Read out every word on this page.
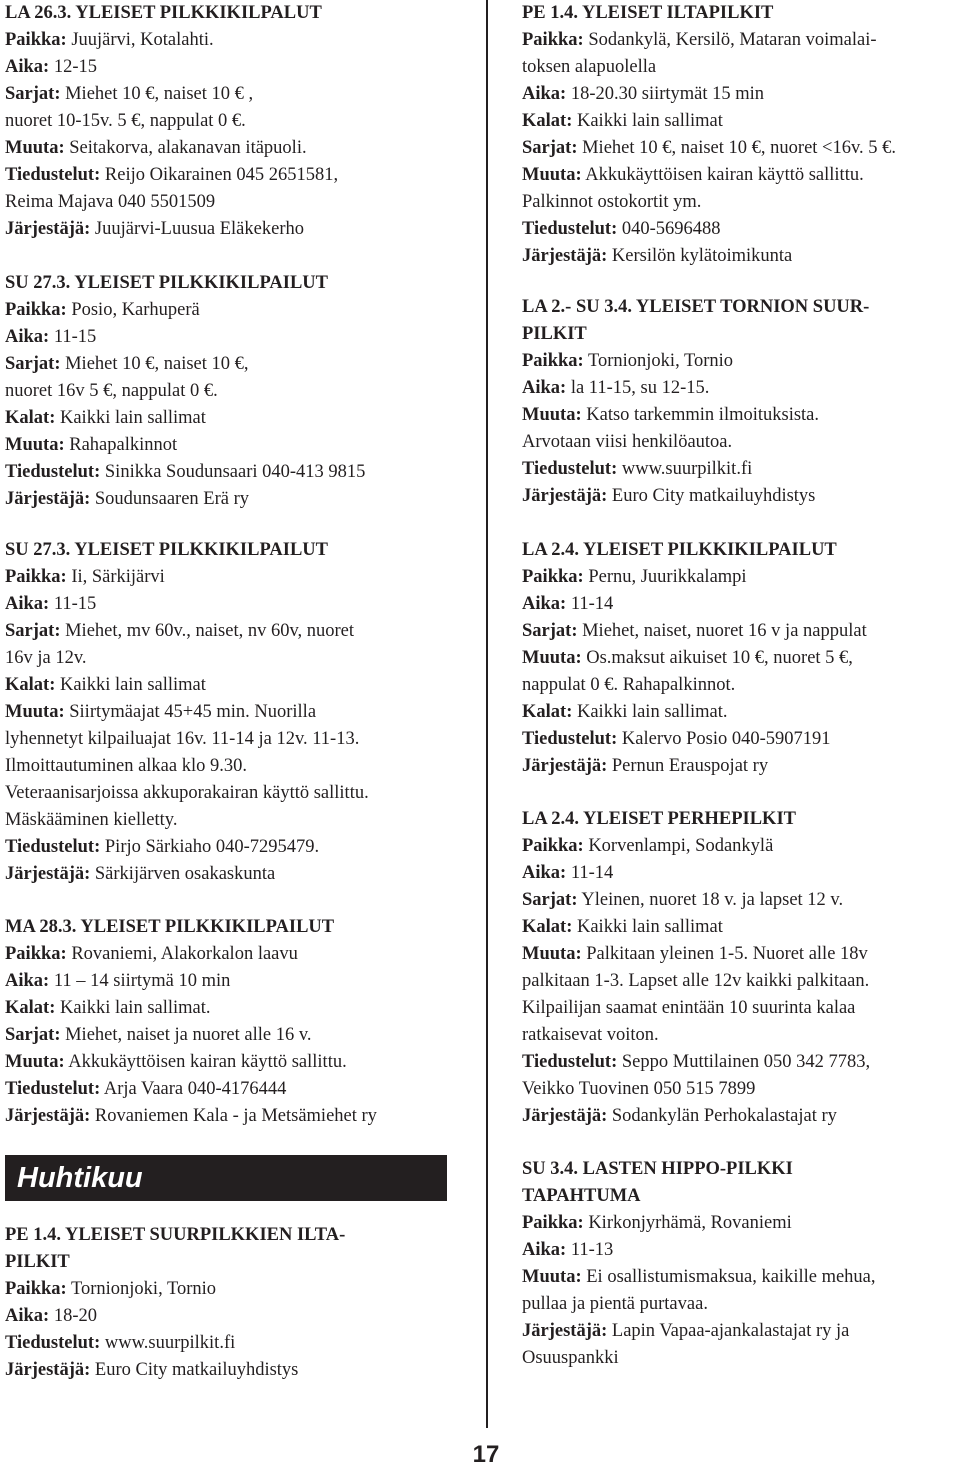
LA 26.3. YLEISET PILKKIKILPALUT
Paikka: Juujärvi, Kotalahti.
Aika: 12-15
Sarjat: Miehet 10 €, naiset 10 € ,
nuoret 10-15v. 5 €, nappulat 0 €.
Muuta: Seitakorva, alakanavan itäpuoli.
Tiedustelut: Reijo Oikarainen 045 2651581,
Reima Majava 040 5501509
Järjestäjä: Juujärvi-Luusua Eläkekerho
SU 27.3. YLEISET PILKKIKILPAILUT
Paikka: Posio, Karhuperä
Aika: 11-15
Sarjat: Miehet 10 €, naiset 10 €,
nuoret 16v 5 €, nappulat 0 €.
Kalat: Kaikki lain sallimat
Muuta: Rahapalkinnot
Tiedustelut: Sinikka Soudunsaari 040-413 9815
Järjestäjä: Soudunsaaren Erä ry
SU 27.3. YLEISET PILKKIKILPAILUT
Paikka: Ii, Särkijärvi
Aika: 11-15
Sarjat: Miehet, mv 60v., naiset, nv 60v, nuoret
16v ja 12v.
Kalat: Kaikki lain sallimat
Muuta: Siirtymäajat 45+45 min. Nuorilla
lyhennetyt kilpailuajat 16v. 11-14 ja 12v. 11-13.
Ilmoittautuminen alkaa klo 9.30.
Veteraanisarjoissa akkuporakairan käyttö sallittu.
Mäskääminen kielletty.
Tiedustelut: Pirjo Särkiaho 040-7295479.
Järjestäjä: Särkijärven osakaskunta
MA 28.3. YLEISET PILKKIKILPAILUT
Paikka: Rovaniemi, Alakorkalon laavu
Aika: 11 – 14 siirtymä 10 min
Kalat: Kaikki lain sallimat.
Sarjat: Miehet, naiset ja nuoret alle 16 v.
Muuta: Akkukäyttöisen kairan käyttö sallittu.
Tiedustelut: Arja Vaara 040-4176444
Järjestäjä: Rovaniemen Kala - ja Metsämiehet ry
PE 1.4. YLEISET SUURPILKKIEN ILTA-
PILKIT
Paikka: Tornionjoki, Tornio
Aika: 18-20
Tiedustelut: www.suurpilkit.fi
Järjestäjä: Euro City matkailuyhdistys
Huhtikuu
PE 1.4. YLEISET ILTAPILKIT
Paikka: Sodankylä, Kersilö, Mataran voimalai-
toksen alapuolella
Aika: 18-20.30 siirtymät 15 min
Kalat: Kaikki lain sallimat
Sarjat: Miehet 10 €, naiset 10 €, nuoret <16v. 5 €.
Muuta: Akkukäyttöisen kairan käyttö sallittu.
Palkinnot ostokortit ym.
Tiedustelut: 040-5696488
Järjestäjä: Kersilön kylätoimikunta
LA 2.- SU 3.4. YLEISET TORNION SUUR-
PILKIT
Paikka: Tornionjoki, Tornio
Aika: la 11-15, su 12-15.
Muuta: Katso tarkemmin ilmoituksista.
Arvotaan viisi henkilöautoa.
Tiedustelut: www.suurpilkit.fi
Järjestäjä: Euro City matkailuyhdistys
LA 2.4. YLEISET PILKKIKILPAILUT
Paikka: Pernu, Juurikkalampi
Aika: 11-14
Sarjat: Miehet, naiset, nuoret 16 v ja nappulat
Muuta: Os.maksut aikuiset 10 €, nuoret 5 €,
nappulat 0 €. Rahapalkinnot.
Kalat: Kaikki lain sallimat.
Tiedustelut: Kalervo Posio 040-5907191
Järjestäjä: Pernun Erauspojat ry
LA 2.4. YLEISET PERHEPILKIT
Paikka: Korvenlampi, Sodankylä
Aika: 11-14
Sarjat: Yleinen, nuoret 18 v. ja lapset 12 v.
Kalat: Kaikki lain sallimat
Muuta: Palkitaan yleinen 1-5. Nuoret alle 18v
palkitaan 1-3. Lapset alle 12v kaikki palkitaan.
Kilpailijan saamat enintään 10 suurinta kalaa
ratkaisevat voiton.
Tiedustelut: Seppo Muttilainen 050 342 7783,
Veikko Tuovinen 050 515 7899
Järjestäjä: Sodankylän Perhokalastajat ry
SU 3.4. LASTEN HIPPO-PILKKI
TAPAHTUMA
Paikka: Kirkonjyrhämä, Rovaniemi
Aika: 11-13
Muuta: Ei osallistumismaksua, kaikille mehua,
pullaa ja pientä purtavaa.
Järjestäjä: Lapin Vapaa-ajankalastajat ry ja
Osuuspankki
17
